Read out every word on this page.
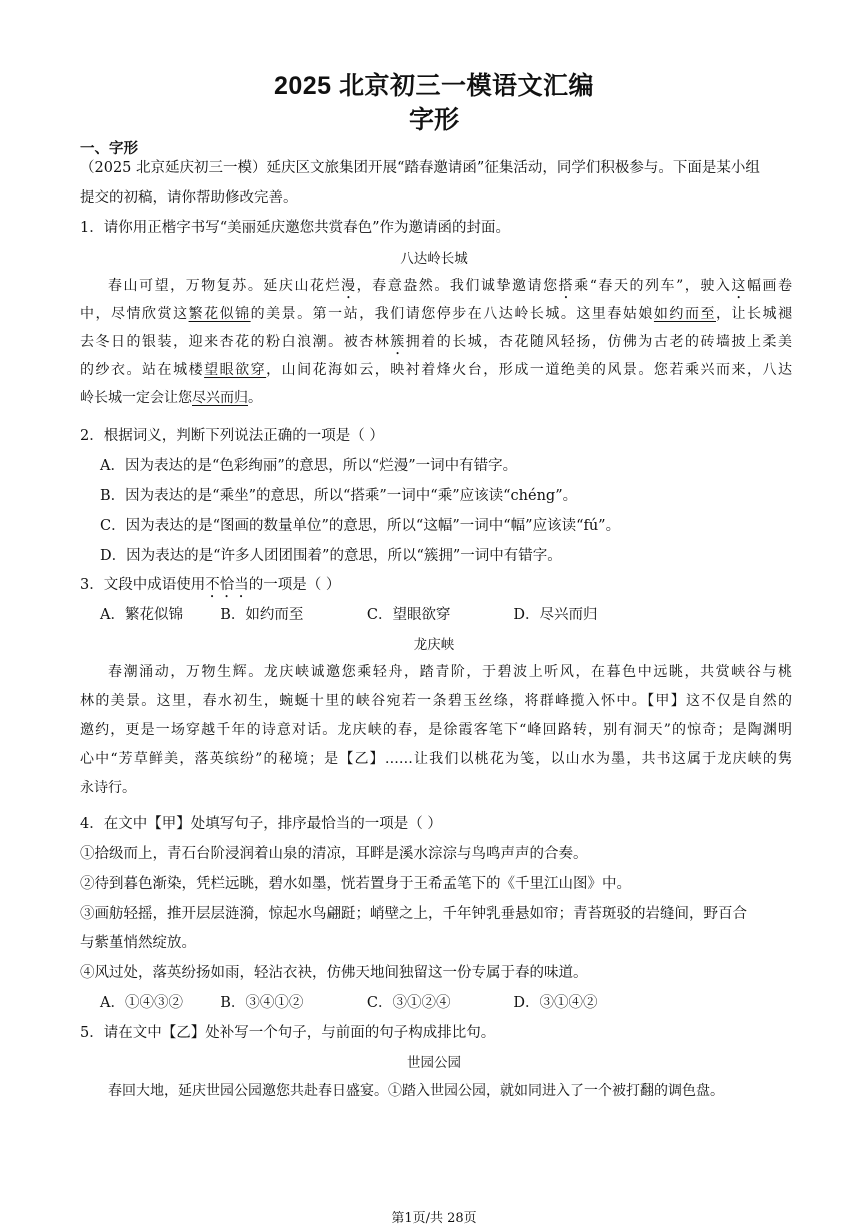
2025 北京初三一模语文汇编
字形
一、字形
（2025 北京延庆初三一模）延庆区文旅集团开展“踏春邀请函”征集活动，同学们积极参与。下面是某小组
提交的初稿，请你帮助修改完善。
1．请你用正楷字书写“美丽延庆邀您共赏春色”作为邀请函的封面。
八达岭长城
春山可望，万物复苏。延庆山花烂漫，春意盎然。我们诚挚邀请您搭乘“春天的列车”，驶入这幅画卷
中，尽情欣赏这繁花似锦的美景。第一站，我们请您停步在八达岭长城。这里春姑娘如约而至，让长城褪
去冬日的银装，迎来杏花的粉白浪潮。被杏林簇拥着的长城，杏花随风轻扬，仿佛为古老的砖墙披上柔美
的纱衣。站在城楼望眼欲穿，山间花海如云，映衬着烽火台，形成一道绝美的风景。您若乘兴而来，八达
岭长城一定会让您尽兴而归。
2．根据词义，判断下列说法正确的一项是（ ）
A．因为表达的是“色彩绚丽”的意思，所以“烂漫”一词中有错字。
B．因为表达的是“乘坐”的意思，所以“搭乘”一词中“乘”应该读“chéng”。
C．因为表达的是“图画的数量单位”的意思，所以“这幅”一词中“幅”应该读“fú”。
D．因为表达的是“许多人团团围着”的意思，所以“簇拥”一词中有错字。
3．文段中成语使用不恰当的一项是（ ）
A．繁花似锦	B．如约而至	C．望眼欲穿	D．尽兴而归
龙庆峡
春潮涌动，万物生辉。龙庆峡诚邀您乘轻舟，踏青阶，于碧波上听风，在暮色中远眺，共赏峡谷与桃
林的美景。这里，春水初生，蜿蜒十里的峡谷宛若一条碧玉丝绦，将群峰揽入怀中。【甲】这不仅是自然的
邀约，更是一场穿越千年的诗意对话。龙庆峡的春，是徐霞客笔下“峰回路转，别有洞天”的惊奇；是陶渊明
心中“芳草鲜美，落英缤纷”的秘境；是【乙】……让我们以桃花为笺，以山水为墨，共书这属于龙庆峡的隽
永诗行。
4．在文中【甲】处填写句子，排序最恰当的一项是（ ）
①拾级而上，青石台阶浸润着山泉的清凉，耳畔是溪水淙淙与鸟鸣声声的合奏。
②待到暮色渐染，凭栏远眺，碧水如墨，恍若置身于王希孟笔下的《千里江山图》中。
③画舫轻摇，推开层层涟漪，惊起水鸟翩跹；峭壁之上，千年钟乳垂悬如帘；青苔斑驳的岩缝间，野百合
与紫堇悄然绽放。
④风过处，落英纷扬如雨，轻沾衣袂，仿佛天地间独留这一份专属于春的味道。
A．①④③②	B．③④①②	C．③①②④	D．③①④②
5．请在文中【乙】处补写一个句子，与前面的句子构成排比句。
世园公园
春回大地，延庆世园公园邀您共赴春日盛宴。①踏入世园公园，就如同进入了一个被打翻的调色盘。
第1页/共 28页
